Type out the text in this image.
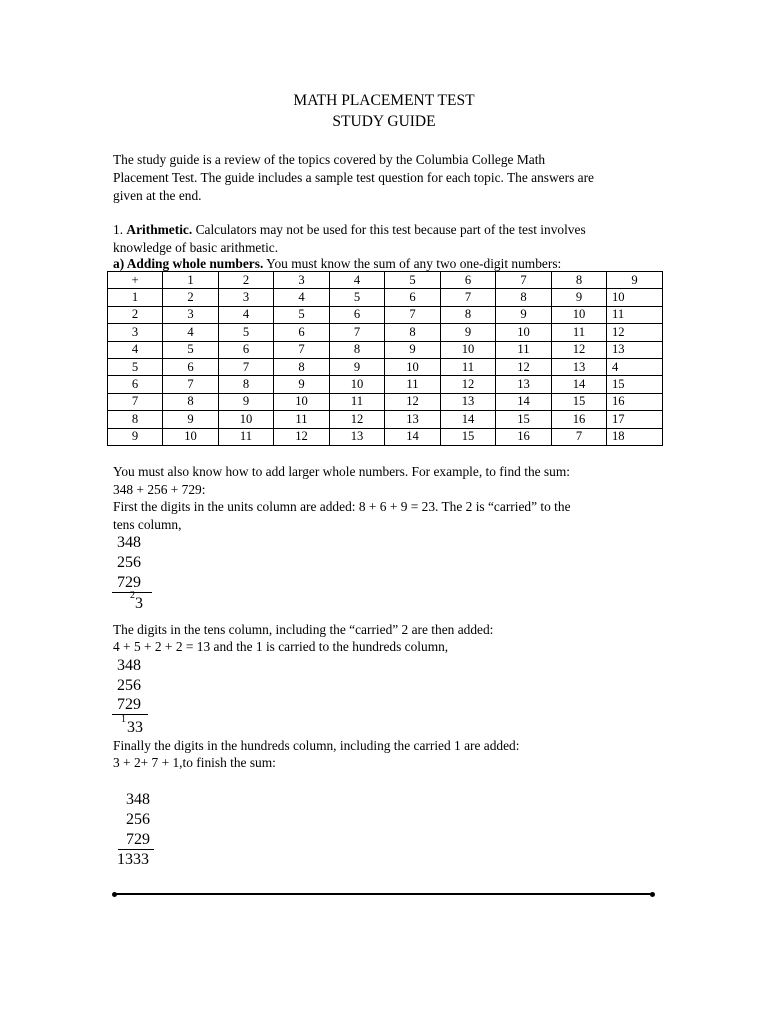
MATH PLACEMENT TEST
STUDY GUIDE
The study guide is a review of the topics covered by the Columbia College Math
Placement Test. The guide includes a sample test question for each topic. The answers are
given at the end.
1. Arithmetic. Calculators may not be used for this test because part of the test involves
knowledge of basic arithmetic.
a) Adding whole numbers. You must know the sum of any two one-digit numbers:
+	1	2	3	4	5	6	7	8	9
1	2	3	4	5	6	7	8	9	10
2	3	4	5	6	7	8	9	10	11
3	4	5	6	7	8	9	10	11	12
4	5	6	7	8	9	10	11	12	13
5	6	7	8	9	10	11	12	13	4
6	7	8	9	10	11	12	13	14	15
7	8	9	10	11	12	13	14	15	16
8	9	10	11	12	13	14	15	16	17
9	10	11	12	13	14	15	16	7	18
You must also know how to add larger whole numbers. For example, to find the sum:
348 + 256 + 729:
First the digits in the units column are added: 8 + 6 + 9 = 23. The 2 is “carried” to the
tens column,
348
256
729
2 3
The digits in the tens column, including the “carried” 2 are then added:
4 + 5 + 2 + 2 = 13 and the 1 is carried to the hundreds column,
348
256
729
1 33
Finally the digits in the hundreds column, including the carried 1 are added:
3 + 2+ 7 + 1,to finish the sum:
348
256
729
1333
